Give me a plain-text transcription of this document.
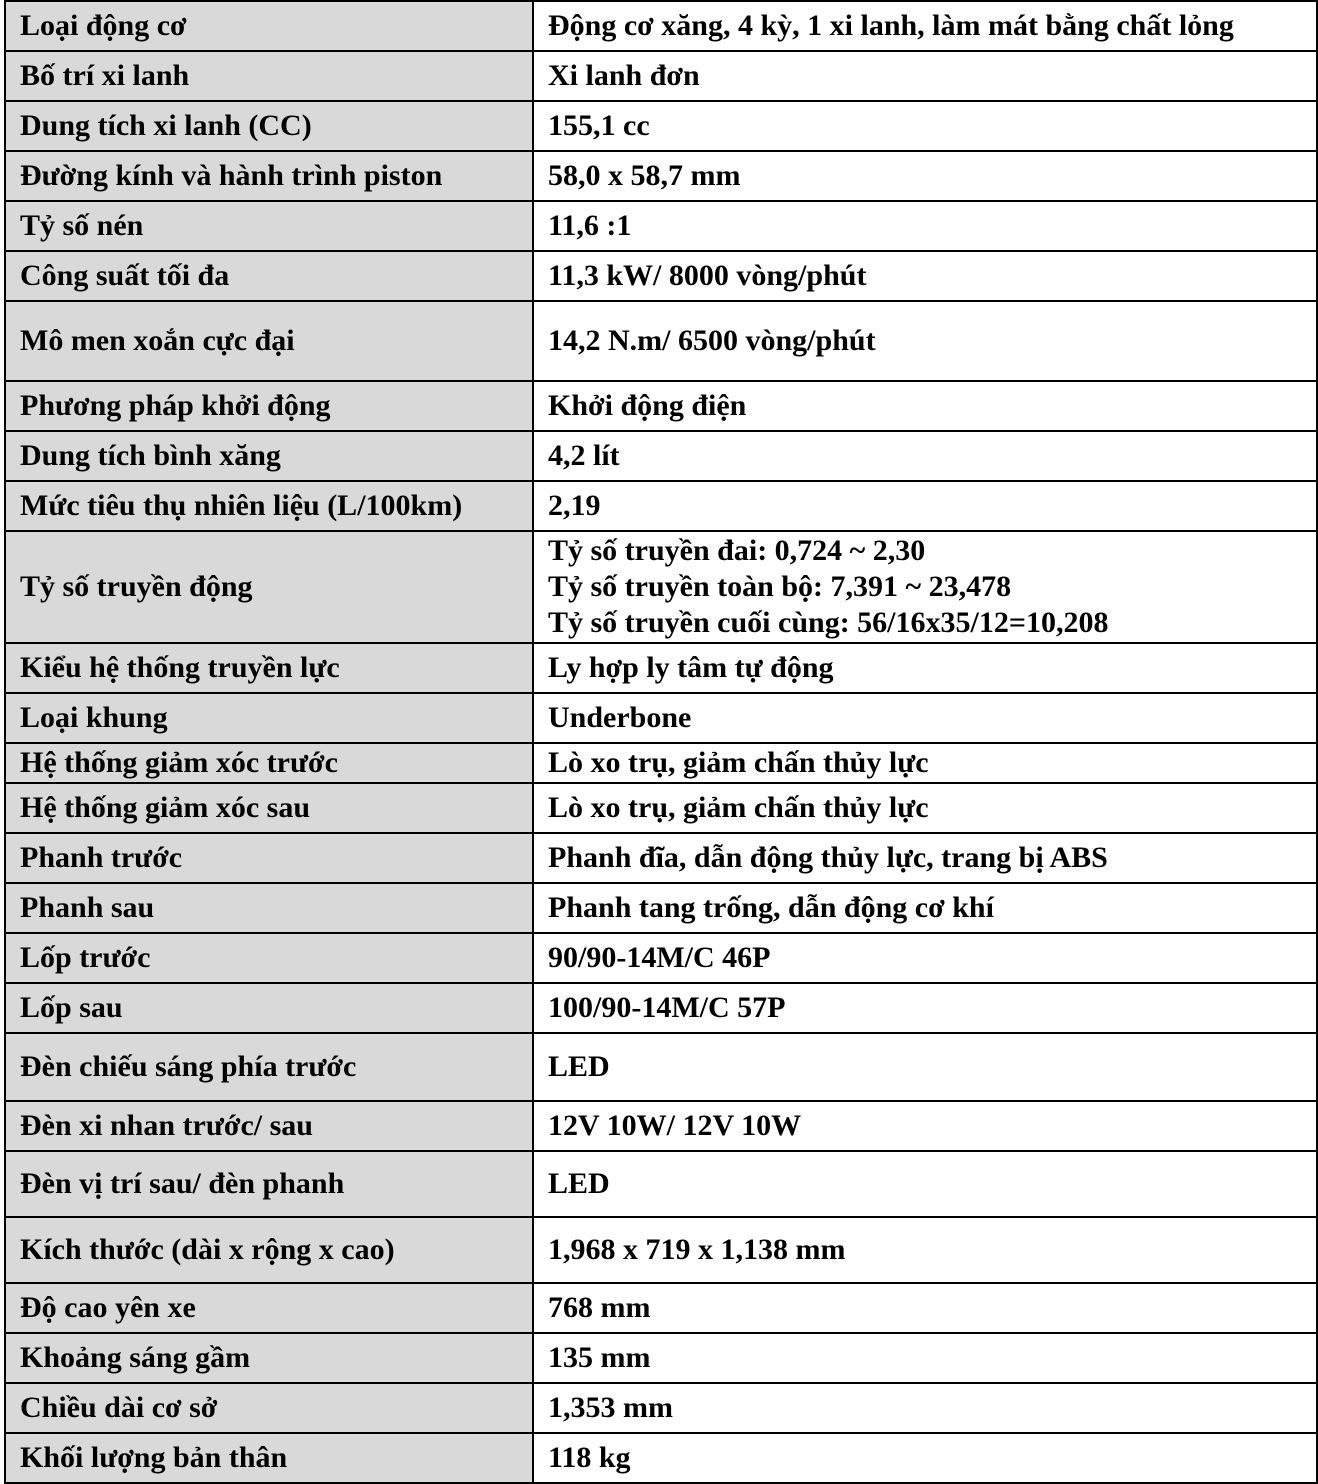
Loại động cơ	Động cơ xăng, 4 kỳ, 1 xi lanh, làm mát bằng chất lỏng

Bố trí xi lanh	Xi lanh đơn

Dung tích xi lanh (CC)	155,1 cc

Đường kính và hành trình piston	58,0 x 58,7 mm

Tỷ số nén	11,6 :1

Công suất tối đa	11,3 kW/ 8000 vòng/phút

Mô men xoắn cực đại	14,2 N.m/ 6500 vòng/phút

Phương pháp khởi động	Khởi động điện

Dung tích bình xăng	4,2 lít

Mức tiêu thụ nhiên liệu (L/100km)	2,19

Tỷ số truyền động	Tỷ số truyền đai: 0,724 ~ 2,30
Tỷ số truyền toàn bộ: 7,391 ~ 23,478
Tỷ số truyền cuối cùng: 56/16x35/12=10,208

Kiểu hệ thống truyền lực	Ly hợp ly tâm tự động

Loại khung	Underbone

Hệ thống giảm xóc trước	Lò xo trụ, giảm chấn thủy lực

Hệ thống giảm xóc sau	Lò xo trụ, giảm chấn thủy lực

Phanh trước	Phanh đĩa, dẫn động thủy lực, trang bị ABS

Phanh sau	Phanh tang trống, dẫn động cơ khí

Lốp trước	90/90-14M/C 46P

Lốp sau	100/90-14M/C 57P

Đèn chiếu sáng phía trước	LED

Đèn xi nhan trước/ sau	12V 10W/ 12V 10W

Đèn vị trí sau/ đèn phanh	LED

Kích thước (dài x rộng x cao)	1,968 x 719 x 1,138 mm

Độ cao yên xe	768 mm

Khoảng sáng gầm	135 mm

Chiều dài cơ sở	1,353 mm

Khối lượng bản thân	118 kg
